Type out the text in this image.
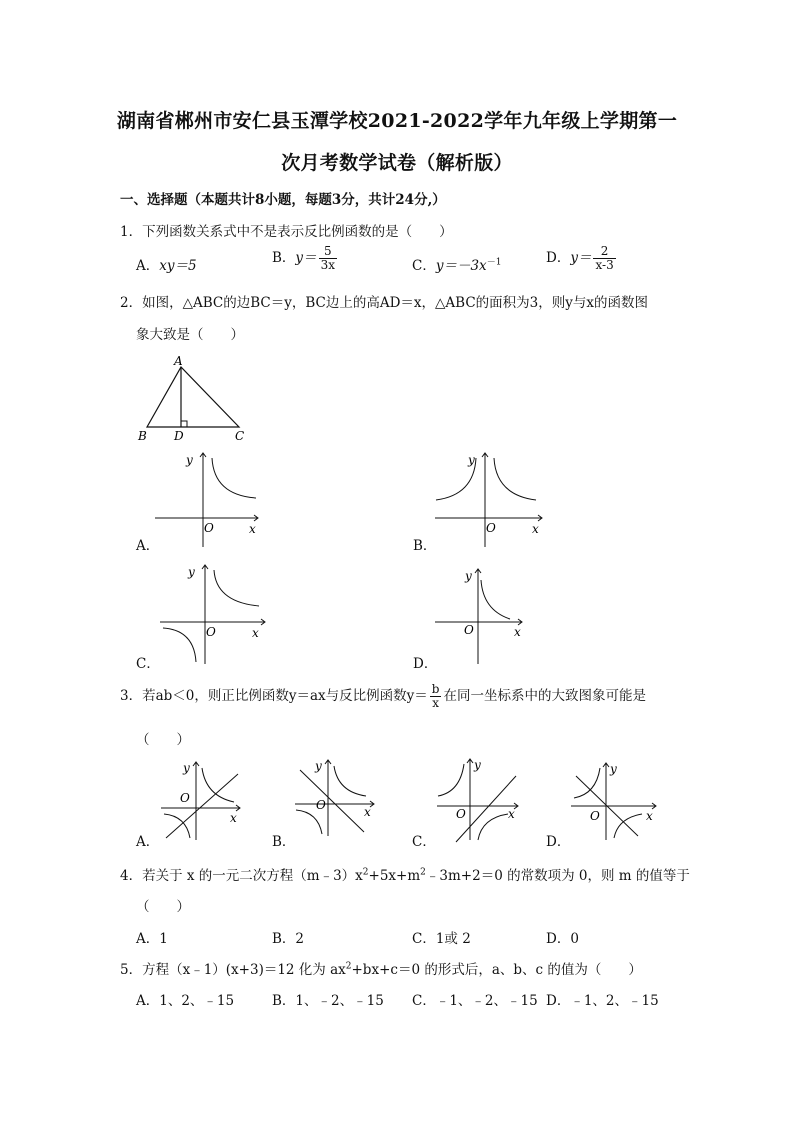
湖南省郴州市安仁县玉潭学校2021-2022学年九年级上学期第一
次月考数学试卷（解析版）
一、选择题（本题共计8小题，每题3分，共计24分,）
1．下列函数关系式中不是表示反比例函数的是（　　）
A．xy＝5	B．$y= \frac{5}{3x}$	C．$y=-3x^{-1}$	D．$y= \frac{2}{x-3}$
2．如图，△ABC的边BC＝y，BC边上的高AD＝x，△ABC的面积为3，则y与x的函数图
象大致是（　　）
A
B D	C
y
O	x
A．
y
O	x
B．
y
O	x
C．
y
O	x
D．
3．若ab＜0，则正比例函数y＝ax与反比例函数$y= \frac{b}{x}$ 在同一坐标系中的大致图象可能是
（　　）
y
O
x
A．
y
O	x
B．
y
O	x
C．
y
O	x
D．
4．若关于 x 的一元二次方程$(m﹣3)x^2+5x+m^2﹣3m+2=0$ 的常数项为 0，则 m 的值等于
（　　）
A．1	B．2	C．1或 2	D．0
5．方程（x﹣1）(x+3)＝12 化为 $ax^2+bx+c=0$ 的形式后，a、b、c 的值为（　　）
A．1、2、﹣15	B．1、﹣2、﹣15 C．﹣1、﹣2、﹣15 D．﹣1、2、﹣15
